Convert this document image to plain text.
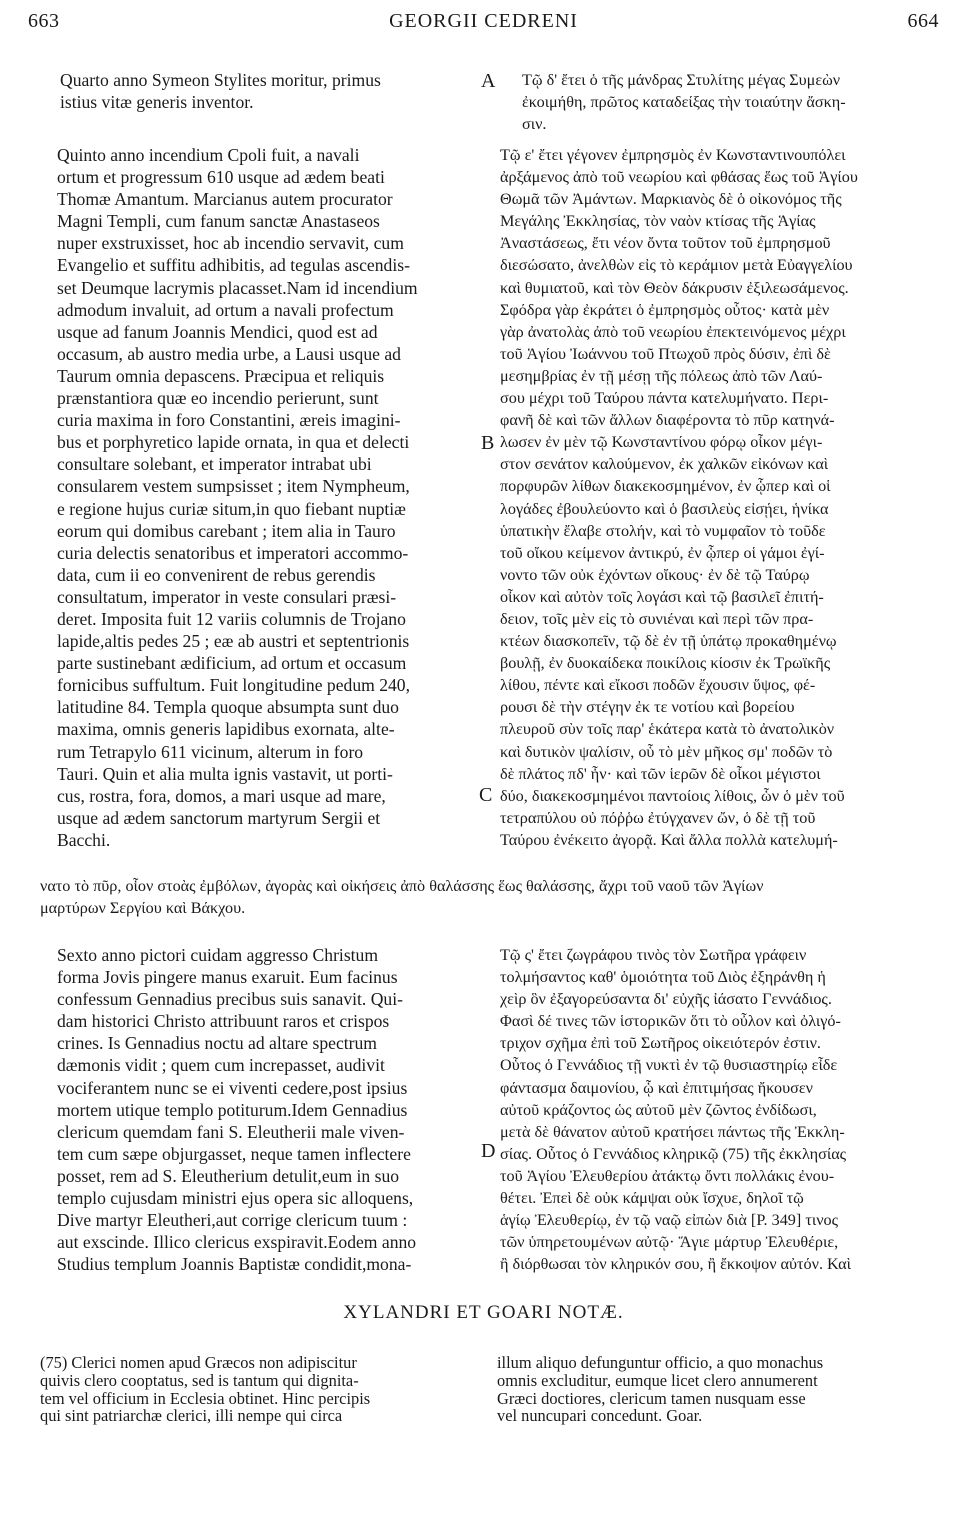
663	GEORGII CEDRENI	664

Quarto anno Symeon Stylites moritur, primus
istius vitæ generis inventor.

Τῷ δ' ἔτει ὁ τῆς μάνδρας Στυλίτης μέγας Συμεὼν
ἐκοιμήθη, πρῶτος καταδείξας τὴν τοιαύτην ἄσκη-
σιν.

Quinto anno incendium Cpoli fuit, a navali
ortum et progressum 610 usque ad ædem beati
Thomæ Amantum. Marcianus autem procurator
Magni Templi, cum fanum sanctæ Anastaseos
nuper exstruxisset, hoc ab incendio servavit, cum
Evangelio et suffitu adhibitis, ad tegulas ascendis-
set Deumque lacrymis placasset.Nam id incendium
admodum invaluit, ad ortum a navali profectum
usque ad fanum Joannis Mendici, quod est ad
occasum, ab austro media urbe, a Lausi usque ad
Taurum omnia depascens. Præcipua et reliquis
prænstantiora quæ eo incendio perierunt, sunt
curia maxima in foro Constantini, æreis imagini-
bus et porphyretico lapide ornata, in qua et delecti
consultare solebant, et imperator intrabat ubi
consularem vestem sumpsisset ; item Nympheum,
e regione hujus curiæ situm,in quo fiebant nuptiæ
eorum qui domibus carebant ; item alia in Tauro
curia delectis senatoribus et imperatori accommo-
data, cum ii eo convenirent de rebus gerendis
consultatum, imperator in veste consulari præsi-
deret. Imposita fuit 12 variis columnis de Trojano
lapide,altis pedes 25 ; eæ ab austri et septentrionis
parte sustinebant ædificium, ad ortum et occasum
fornicibus suffultum. Fuit longitudine pedum 240,
latitudine 84. Templa quoque absumpta sunt duo
maxima, omnis generis lapidibus exornata, alte-
rum Tetrapylo 611 vicinum, alterum in foro
Tauri. Quin et alia multa ignis vastavit, ut porti-
cus, rostra, fora, domos, a mari usque ad mare,
usque ad ædem sanctorum martyrum Sergii et
Bacchi.

Τῷ ε' ἔτει γέγονεν ἐμπρησμὸς ἐν Κωνσταντινουπόλει
ἀρξάμενος ἀπὸ τοῦ νεωρίου καὶ φθάσας ἕως τοῦ Ἁγίου
Θωμᾶ τῶν Ἀμάντων. Μαρκιανὸς δὲ ὁ οἰκονόμος τῆς
Μεγάλης Ἐκκλησίας, τὸν ναὸν κτίσας τῆς Ἁγίας
Ἀναστάσεως, ἔτι νέον ὄντα τοῦτον τοῦ ἐμπρησμοῦ
διεσώσατο, ἀνελθὼν εἰς τὸ κεράμιον μετὰ Εὐαγγελίου
καὶ θυμιατοῦ, καὶ τὸν Θεὸν δάκρυσιν ἐξιλεωσάμενος.
Σφόδρα γὰρ ἐκράτει ὁ ἐμπρησμὸς οὗτος· κατὰ μὲν
γὰρ ἀνατολὰς ἀπὸ τοῦ νεωρίου ἐπεκτεινόμενος μέχρι
τοῦ Ἁγίου Ἰωάννου τοῦ Πτωχοῦ πρὸς δύσιν, ἐπὶ δὲ
μεσημβρίας ἐν τῇ μέσῃ τῆς πόλεως ἀπὸ τῶν Λαύ-
σου μέχρι τοῦ Ταύρου πάντα κατελυμήνατο. Περι-
φανῆ δὲ καὶ τῶν ἄλλων διαφέροντα τὸ πῦρ κατηνά-
λωσεν ἐν μὲν τῷ Κωνσταντίνου φόρῳ οἶκον μέγι-
στον σενάτον καλούμενον, ἐκ χαλκῶν εἰκόνων καὶ
πορφυρῶν λίθων διακεκοσμημένον, ἐν ᾧπερ καὶ οἱ
λογάδες ἐβουλεύοντο καὶ ὁ βασιλεὺς εἰσῄει, ἡνίκα
ὑπατικὴν ἔλαβε στολήν, καὶ τὸ νυμφαῖον τὸ τοῦδε
τοῦ οἴκου κείμενον ἀντικρύ, ἐν ᾧπερ οἱ γάμοι ἐγί-
νοντο τῶν οὐκ ἐχόντων οἴκους· ἐν δὲ τῷ Ταύρῳ
οἶκον καὶ αὐτὸν τοῖς λογάσι καὶ τῷ βασιλεῖ ἐπιτή-
δειον, τοῖς μὲν εἰς τὸ συνιέναι καὶ περὶ τῶν πρα-
κτέων διασκοπεῖν, τῷ δὲ ἐν τῇ ὑπάτῳ προκαθημένῳ
βουλῇ, ἐν δυοκαίδεκα ποικίλοις κίοσιν ἐκ Τρωϊκῆς
λίθου, πέντε καὶ εἴκοσι ποδῶν ἔχουσιν ὕψος, φέ-
ρουσι δὲ τὴν στέγην ἐκ τε νοτίου καὶ βορείου
πλευροῦ σὺν τοῖς παρ' ἑκάτερα κατὰ τὸ ἀνατολικὸν
καὶ δυτικὸν ψαλίσιν, οὗ τὸ μὲν μῆκος σμ' ποδῶν τὸ
δὲ πλάτος πδ' ἦν· καὶ τῶν ἱερῶν δὲ οἶκοι μέγιστοι
δύο, διακεκοσμημένοι παντοίοις λίθοις, ὧν ὁ μὲν τοῦ
τετραπύλου οὐ πόῤῥω ἐτύγχανεν ὤν, ὁ δὲ τῇ τοῦ
Ταύρου ἐνέκειτο ἀγορᾷ. Καὶ ἄλλα πολλὰ κατελυμή-

νατο τὸ πῦρ, οἷον στοὰς ἐμβόλων, ἀγορὰς καὶ οἰκήσεις ἀπὸ θαλάσσης ἕως θαλάσσης, ἄχρι τοῦ ναοῦ τῶν Ἁγίων
μαρτύρων Σεργίου καὶ Βάκχου.

Sexto anno pictori cuidam aggresso Christum
forma Jovis pingere manus exaruit. Eum facinus
confessum Gennadius precibus suis sanavit. Qui-
dam historici Christo attribuunt raros et crispos
crines. Is Gennadius noctu ad altare spectrum
dæmonis vidit ; quem cum increpasset, audivit
vociferantem nunc se ei viventi cedere,post ipsius
mortem utique templo potiturum.Idem Gennadius
clericum quemdam fani S. Eleutherii male viven-
tem cum sæpe objurgasset, neque tamen inflectere
posset, rem ad S. Eleutherium detulit,eum in suo
templo cujusdam ministri ejus opera sic alloquens,
Dive martyr Eleutheri,aut corrige clericum tuum :
aut exscinde. Illico clericus exspiravit.Eodem anno
Studius templum Joannis Baptistæ condidit,mona-

Τῷ ς' ἔτει ζωγράφου τινὸς τὸν Σωτῆρα γράφειν
τολμήσαντος καθ' ὁμοιότητα τοῦ Διὸς ἐξηράνθη ἡ
χεὶρ ὃν ἐξαγορεύσαντα δι' εὐχῆς ἰάσατο Γεννάδιος.
Φασὶ δέ τινες τῶν ἱστορικῶν ὅτι τὸ οὖλον καὶ ὀλιγό-
τριχον σχῆμα ἐπὶ τοῦ Σωτῆρος οἰκειότερόν ἐστιν.
Οὗτος ὁ Γεννάδιος τῇ νυκτὶ ἐν τῷ θυσιαστηρίῳ εἶδε
φάντασμα δαιμονίου, ᾧ καὶ ἐπιτιμήσας ἤκουσεν
αὐτοῦ κράζοντος ὡς αὐτοῦ μὲν ζῶντος ἐνδίδωσι,
μετὰ δὲ θάνατον αὐτοῦ κρατήσει πάντως τῆς Ἐκκλη-
σίας. Οὗτος ὁ Γεννάδιος κληρικῷ (75) τῆς ἐκκλησίας
τοῦ Ἁγίου Ἐλευθερίου ἀτάκτῳ ὄντι πολλάκις ἐνου-
θέτει. Ἐπεὶ δὲ οὐκ κάμψαι οὐκ ἴσχυε, δηλοῖ τῷ
ἁγίῳ Ἐλευθερίῳ, ἐν τῷ ναῷ εἰπὼν διὰ [P. 349] τινος
τῶν ὑπηρετουμένων αὐτῷ· Ἅγιε μάρτυρ Ἐλευθέριε,
ἢ διόρθωσαι τὸν κληρικόν σου, ἢ ἔκκοψον αὐτόν. Καὶ

A
B
C
D
XYLANDRI ET GOARI NOTÆ.

(75) Clerici nomen apud Græcos non adipiscitur
quivis clero cooptatus, sed is tantum qui dignita-
tem vel officium in Ecclesia obtinet. Hinc percipis
qui sint patriarchæ clerici, illi nempe qui circa

illum aliquo defunguntur officio, a quo monachus
omnis excluditur, eumque licet clero annumerent
Græci doctiores, clericum tamen nusquam esse
vel nuncupari concedunt. Goar.
